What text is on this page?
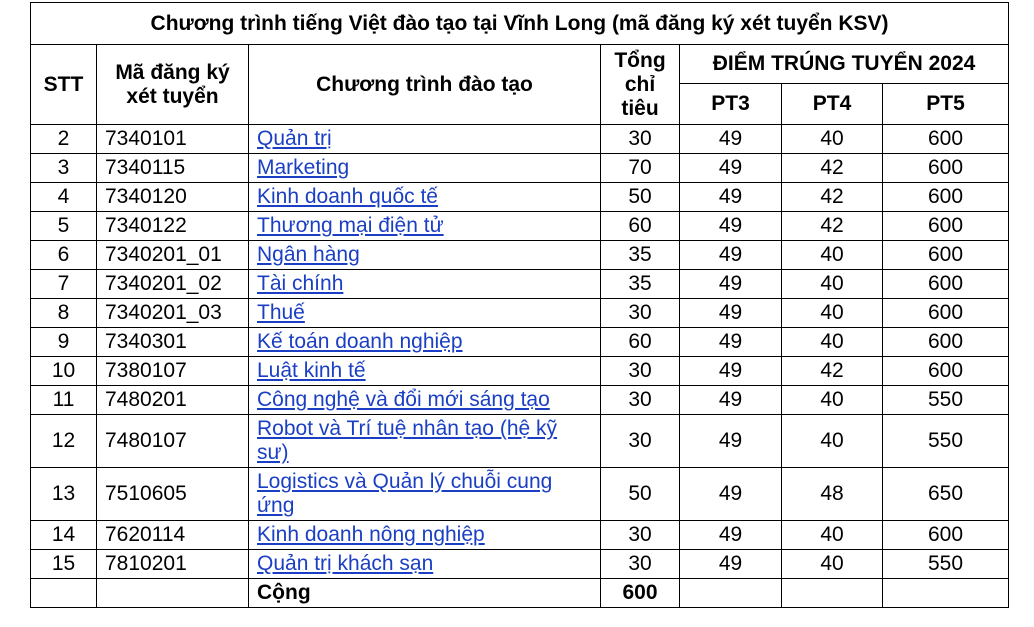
Chương trình tiếng Việt đào tạo tại Vĩnh Long (mã đăng ký xét tuyển KSV)						
STT	Mã đăng ký xét tuyển	Chương trình đào tạo	Tổng chỉ tiêu	ĐIỂM TRÚNG TUYỂN 2024		
				PT3	PT4	PT5
2	7340101	Quản trị	30	49	40	600
3	7340115	Marketing	70	49	42	600
4	7340120	Kinh doanh quốc tế	50	49	42	600
5	7340122	Thương mại điện tử	60	49	42	600
6	7340201_01	Ngân hàng	35	49	40	600
7	7340201_02	Tài chính	35	49	40	600
8	7340201_03	Thuế	30	49	40	600
9	7340301	Kế toán doanh nghiệp	60	49	40	600
10	7380107	Luật kinh tế	30	49	42	600
11	7480201	Công nghệ và đổi mới sáng tạo	30	49	40	550
12	7480107	Robot và Trí tuệ nhân tạo (hệ kỹ sư)	30	49	40	550
13	7510605	Logistics và Quản lý chuỗi cung ứng	50	49	48	650
14	7620114	Kinh doanh nông nghiệp	30	49	40	600
15	7810201	Quản trị khách sạn	30	49	40	550
		Cộng	600			
